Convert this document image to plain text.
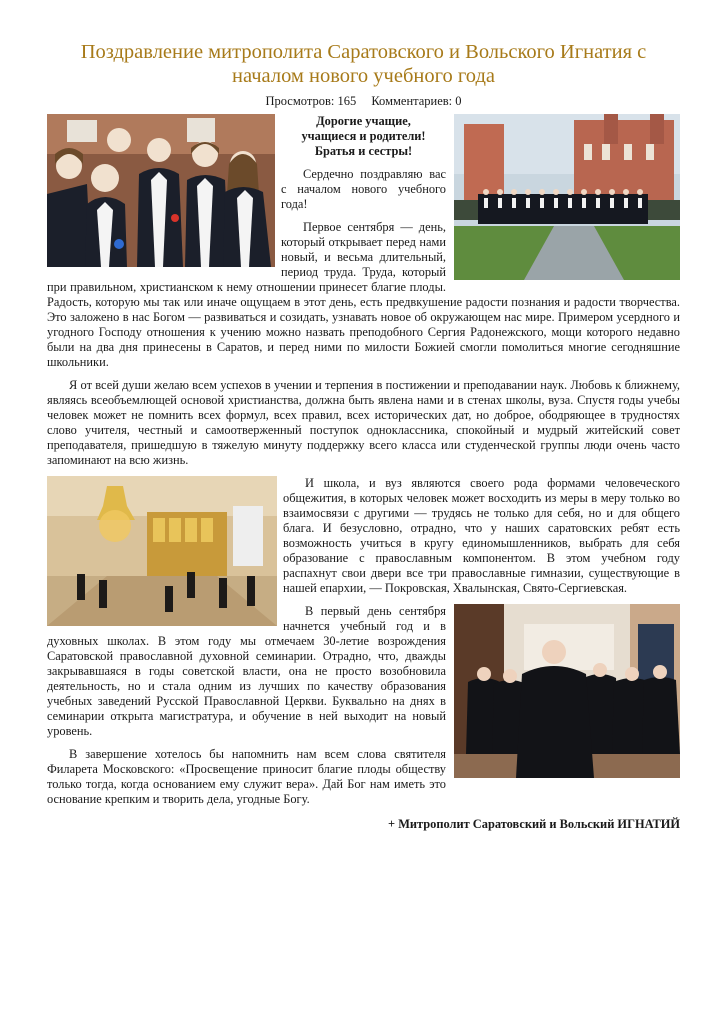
Поздравление митрополита Саратовского и Вольского Игнатия с началом нового учебного года
Просмотров: 165 Комментариев: 0

Дорогие учащие,
учащиеся и родители!
Братья и сестры!

Сердечно поздравляю вас с началом нового учебного года!

Первое сентября — день, который открывает перед нами новый, и весьма длительный, период труда. Труда, который при правильном, христианском к нему отношении принесет благие плоды. Радость, которую мы так или иначе ощущаем в этот день, есть предвкушение радости познания и радости творчества. Это заложено в нас Богом — развиваться и созидать, узнавать новое об окружающем нас мире. Примером усердного и угодного Господу отношения к учению можно назвать преподобного Сергия Радонежского, мощи которого недавно были на два дня принесены в Саратов, и перед ними по милости Божией смогли помолиться многие сегодняшние школьники.

Я от всей души желаю всем успехов в учении и терпения в постижении и преподавании наук. Любовь к ближнему, являясь всеобъемлющей основой христианства, должна быть явлена нами и в стенах школы, вуза. Спустя годы учебы человек может не помнить всех формул, всех правил, всех исторических дат, но доброе, ободряющее в трудностях слово учителя, честный и самоотверженный поступок одноклассника, спокойный и мудрый житейский совет преподавателя, пришедшую в тяжелую минуту поддержку всего класса или студенческой группы люди очень часто запоминают на всю жизнь.

И школа, и вуз являются своего рода формами человеческого общежития, в которых человек может восходить из меры в меру только во взаимосвязи с другими — трудясь не только для себя, но и для общего блага. И безусловно, отрадно, что у наших саратовских ребят есть возможность учиться в кругу единомышленников, выбрать для себя образование с православным компонентом. В этом учебном году распахнут свои двери все три православные гимназии, существующие в нашей епархии, — Покровская, Хвалынская, Свято-Сергиевская.

В первый день сентября начнется учебный год и в духовных школах. В этом году мы отмечаем 30-летие возрождения Саратовской православной духовной семинарии. Отрадно, что, дважды закрывавшаяся в годы советской власти, она не просто возобновила деятельность, но и стала одним из лучших по качеству образования учебных заведений Русской Православной Церкви. Буквально на днях в семинарии открыта магистратура, и обучение в ней выходит на новый уровень.

В завершение хотелось бы напомнить нам всем слова святителя Филарета Московского: «Просвещение приносит благие плоды обществу только тогда, когда основанием ему служит вера». Дай Бог нам иметь это основание крепким и творить дела, угодные Богу.

+ Митрополит Саратовский и Вольский ИГНАТИЙ
